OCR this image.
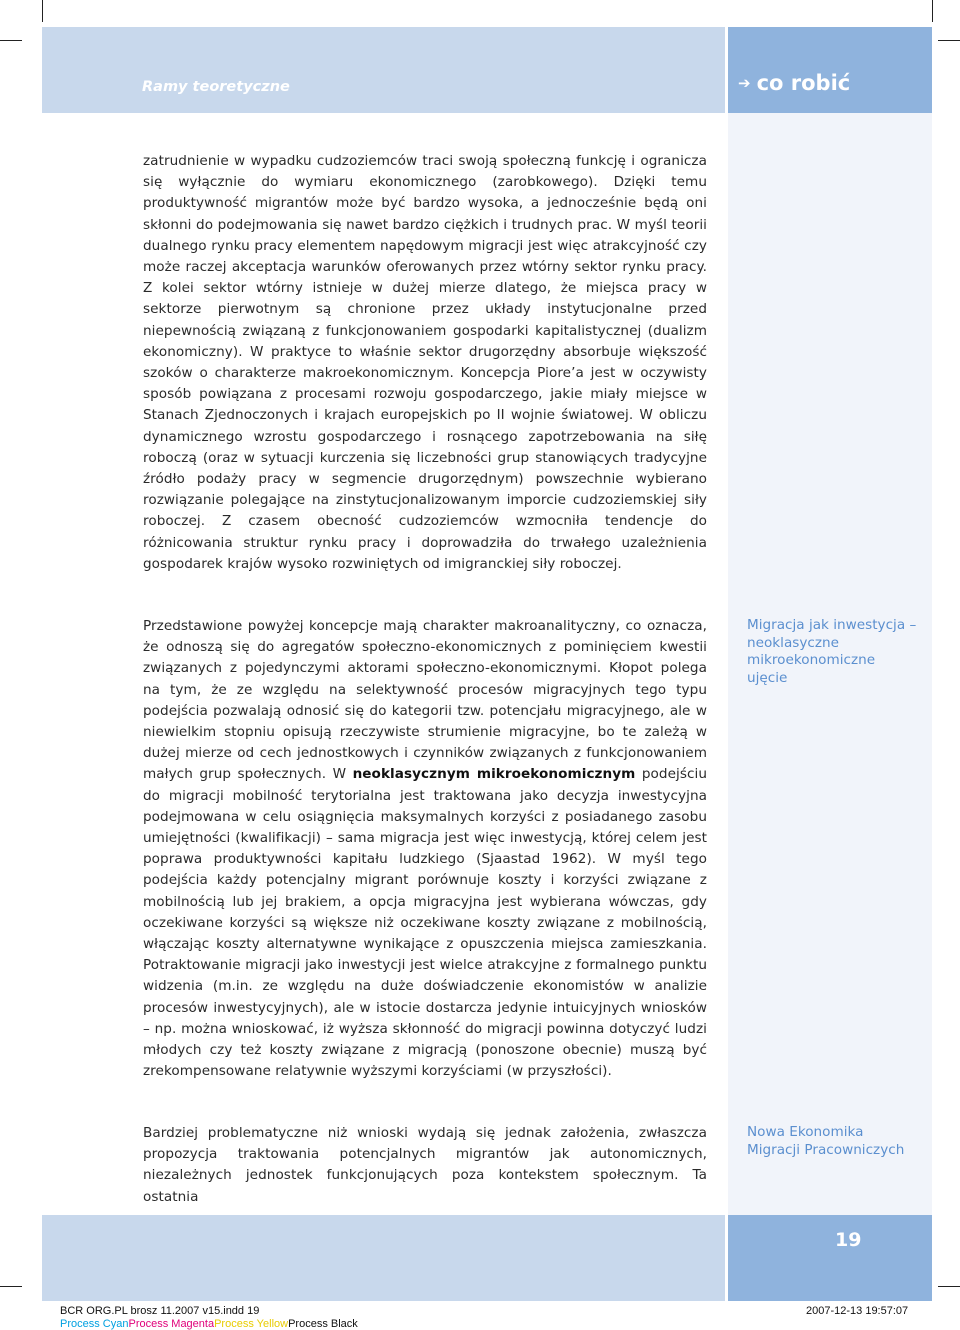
Ramy teoretyczne	➔ co robić
zatrudnienie w wypadku cudzoziemców traci swoją społeczną funkcję i ogranicza się wyłącznie do wymiaru ekonomicznego (zarobkowego). Dzięki temu produktywność migrantów może być bardzo wysoka, a jednocześnie będą oni skłonni do podejmowania się nawet bardzo ciężkich i trudnych prac. W myśl teorii dualnego rynku pracy elementem napędowym migracji jest więc atrakcyjność czy może raczej akceptacja warunków oferowanych przez wtórny sektor rynku pracy. Z kolei sektor wtórny istnieje w dużej mierze dlatego, że miejsca pracy w sektorze pierwotnym są chronione przez układy instytucjonalne przed niepewnością związaną z funkcjonowaniem gospodarki kapitalistycznej (dualizm ekonomiczny). W praktyce to właśnie sektor drugorzędny absorbuje większość szoków o charakterze makroekonomicznym. Koncepcja Piore’a jest w oczywisty sposób powiązana z procesami rozwoju gospodarczego, jakie miały miejsce w Stanach Zjednoczonych i krajach europejskich po II wojnie światowej. W obliczu dynamicznego wzrostu gospodarczego i rosnącego zapotrzebowania na siłę roboczą (oraz w sytuacji kurczenia się liczebności grup stanowiących tradycyjne źródło podaży pracy w segmencie drugorzędnym) powszechnie wybierano rozwiązanie polegające na zinstytucjonalizowanym imporcie cudzoziemskiej siły roboczej. Z czasem obecność cudzoziemców wzmocniła tendencje do różnicowania struktur rynku pracy i doprowadziła do trwałego uzależnienia gospodarek krajów wysoko rozwiniętych od imigranckiej siły roboczej.
Przedstawione powyżej koncepcje mają charakter makroanalityczny, co oznacza, że odnoszą się do agregatów społeczno-ekonomicznych z pominięciem kwestii związanych z pojedynczymi aktorami społeczno-ekonomicznymi. Kłopot polega na tym, że ze względu na selektywność procesów migracyjnych tego typu podejścia pozwalają odnosić się do kategorii tzw. potencjału migracyjnego, ale w niewielkim stopniu opisują rzeczywiste strumienie migracyjne, bo te zależą w dużej mierze od cech jednostkowych i czynników związanych z funkcjonowaniem małych grup społecznych. W neoklasycznym mikroekonomicznym podejściu do migracji mobilność terytorialna jest traktowana jako decyzja inwestycyjna podejmowana w celu osiągnięcia maksymalnych korzyści z posiadanego zasobu umiejętności (kwalifikacji) – sama migracja jest więc inwestycją, której celem jest poprawa produktywności kapitału ludzkiego (Sjaastad 1962). W myśl tego podejścia każdy potencjalny migrant porównuje koszty i korzyści związane z mobilnością lub jej brakiem, a opcja migracyjna jest wybierana wówczas, gdy oczekiwane korzyści są większe niż oczekiwane koszty związane z mobilnością, włączając koszty alternatywne wynikające z opuszczenia miejsca zamieszkania. Potraktowanie migracji jako inwestycji jest wielce atrakcyjne z formalnego punktu widzenia (m.in. ze względu na duże doświadczenie ekonomistów w analizie procesów inwestycyjnych), ale w istocie dostarcza jedynie intuicyjnych wniosków – np. można wnioskować, iż wyższa skłonność do migracji powinna dotyczyć ludzi młodych czy też koszty związane z migracją (ponoszone obecnie) muszą być zrekompensowane relatywnie wyższymi korzyściami (w przyszłości).
Bardziej problematyczne niż wnioski wydają się jednak założenia, zwłaszcza propozycja traktowania potencjalnych migrantów jak autonomicznych, niezależnych jednostek funkcjonujących poza kontekstem społecznym. Ta ostatnia
Migracja jak inwestycja – neoklasyczne mikroekonomiczne ujęcie
Nowa Ekonomika Migracji Pracowniczych
19
BCR ORG.PL brosz 11.2007 v15.indd 19	2007-12-13 19:57:07
Process CyanProcess MagentaProcess YellowProcess Black
